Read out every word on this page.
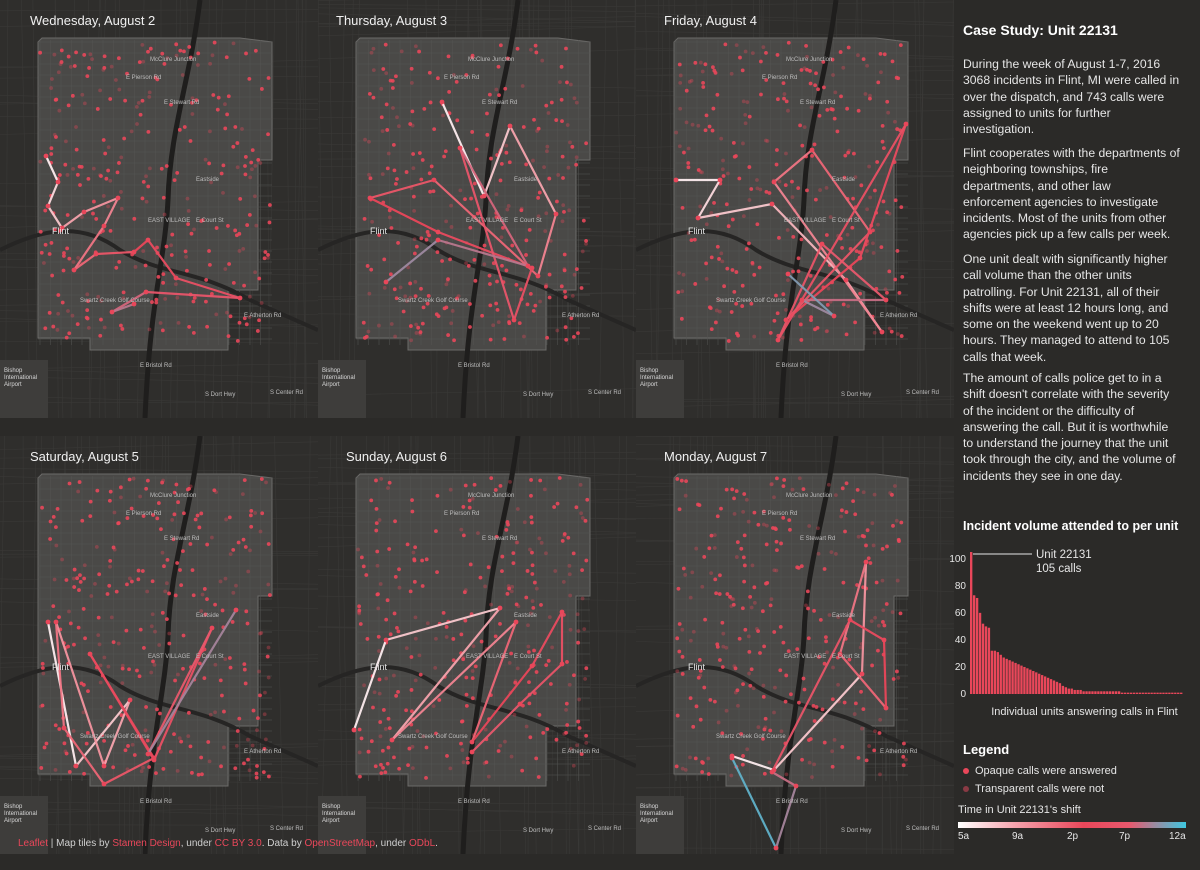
Wednesday, August 2
McClure Junction
E Pierson Rd
E Stewart Rd
Flint
EAST VILLAGE E Court St
Eastside
Swartz Creek Golf Course
E Atherton Rd
E Bristol Rd
S Center Rd
S Dort Hwy
Bishop International Airport
Thursday, August 3
McClure Junction
E Pierson Rd
E Stewart Rd
Flint
EAST VILLAGE E Court St
Eastside
Swartz Creek Golf Course
E Atherton Rd
E Bristol Rd
S Center Rd
S Dort Hwy
Bishop International Airport
Friday, August 4
McClure Junction
E Pierson Rd
E Stewart Rd
Flint
EAST VILLAGE E Court St
Eastside
Swartz Creek Golf Course
E Atherton Rd
E Bristol Rd
S Center Rd
S Dort Hwy
Bishop International Airport
Saturday, August 5
McClure Junction
E Pierson Rd
E Stewart Rd
Flint
EAST VILLAGE E Court St
Eastside
Swartz Creek Golf Course
E Atherton Rd
E Bristol Rd
S Center Rd
S Dort Hwy
Bishop International Airport
Sunday, August 6
McClure Junction
E Pierson Rd
E Stewart Rd
Flint
EAST VILLAGE E Court St
Eastside
Swartz Creek Golf Course
E Atherton Rd
E Bristol Rd
S Center Rd
S Dort Hwy
Bishop International Airport
Monday, August 7
McClure Junction
E Pierson Rd
E Stewart Rd
Flint
EAST VILLAGE E Court St
Eastside
Swartz Creek Golf Course
E Atherton Rd
E Bristol Rd
S Center Rd
S Dort Hwy
Bishop International Airport
Leaflet | Map tiles by Stamen Design, under CC BY 3.0. Data by OpenStreetMap, under ODbL.
Case Study: Unit 22131
During the week of August 1-7, 2016 3068 incidents in Flint, MI were called in over the dispatch, and 743 calls were assigned to units for further investigation.
Flint cooperates with the departments of neighboring townships, fire departments, and other law enforcement agencies to investigate incidents. Most of the units from other agencies pick up a few calls per week.
One unit dealt with significantly higher call volume than the other units patrolling. For Unit 22131, all of their shifts were at least 12 hours long, and some on the weekend went up to 20 hours. They managed to attend to 105 calls that week.
The amount of calls police get to in a shift doesn't correlate with the severity of the incident or the difficulty of answering the call. But it is worthwhile to understand the journey that the unit took through the city, and the volume of incidents they see in one day.
Incident volume attended to per unit
0
20
40
60
80
100	Unit 22131
105 calls
Individual units answering calls in Flint
Legend
Opaque calls were answered
Transparent calls were not
Time in Unit 22131's shift
5a	9a	2p	7p	12a
